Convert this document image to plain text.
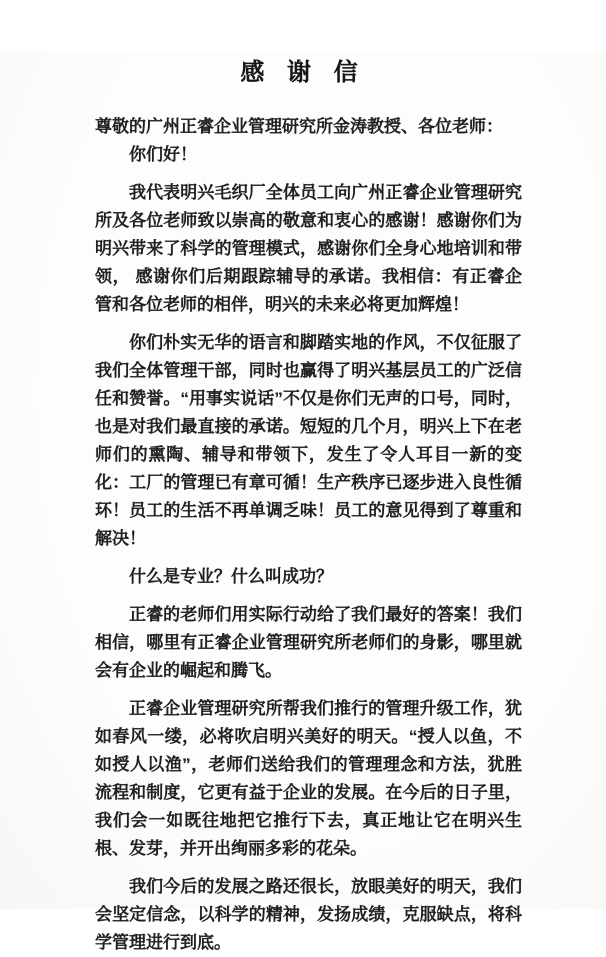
感 谢 信

尊敬的广州正睿企业管理研究所金涛教授、各位老师：

你们好！

我代表明兴毛织厂全体员工向广州正睿企业管理研究所及各位老师致以崇高的敬意和衷心的感谢！感谢你们为明兴带来了科学的管理模式，感谢你们全身心地培训和带领， 感谢你们后期跟踪辅导的承诺。我相信：有正睿企管和各位老师的相伴，明兴的未来必将更加辉煌！

你们朴实无华的语言和脚踏实地的作风，不仅征服了我们全体管理干部，同时也赢得了明兴基层员工的广泛信任和赞誉。“用事实说话”不仅是你们无声的口号，同时，也是对我们最直接的承诺。短短的几个月，明兴上下在老师们的熏陶、辅导和带领下，发生了令人耳目一新的变化：工厂的管理已有章可循！生产秩序已逐步进入良性循环！员工的生活不再单调乏味！员工的意见得到了尊重和解决！

什么是专业？什么叫成功？

正睿的老师们用实际行动给了我们最好的答案！我们相信，哪里有正睿企业管理研究所老师们的身影，哪里就会有企业的崛起和腾飞。

正睿企业管理研究所帮我们推行的管理升级工作，犹如春风一缕，必将吹启明兴美好的明天。“授人以鱼，不如授人以渔”，老师们送给我们的管理理念和方法，犹胜流程和制度，它更有益于企业的发展。在今后的日子里，我们会一如既往地把它推行下去，真正地让它在明兴生根、发芽，并开出绚丽多彩的花朵。

我们今后的发展之路还很长，放眼美好的明天，我们会坚定信念，以科学的精神，发扬成绩，克服缺点，将科学管理进行到底。
